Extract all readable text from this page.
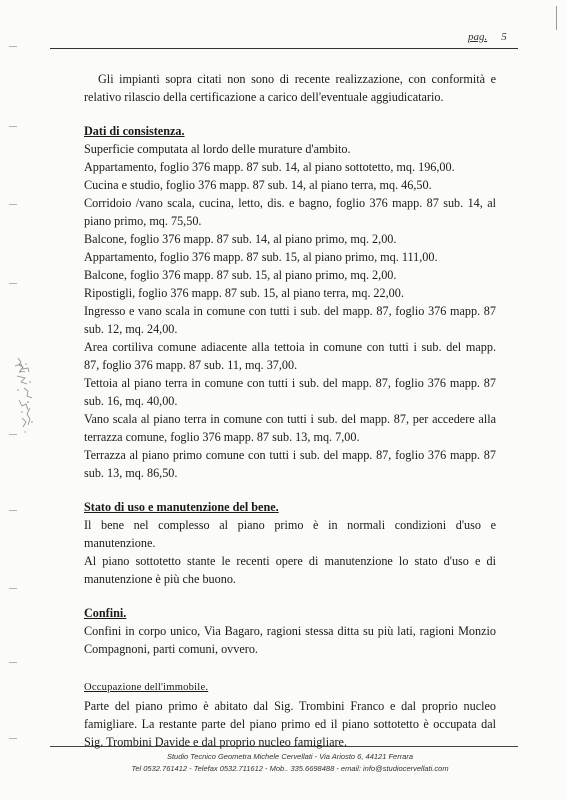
pag. 5

Gli impianti sopra citati non sono di recente realizzazione, con conformità e

relativo rilascio della certificazione a carico dell'eventuale aggiudicatario.

Dati di consistenza.

Superficie computata al lordo delle murature d'ambito.

Appartamento, foglio 376 mapp. 87 sub. 14, al piano sottotetto, mq. 196,00.

Cucina e studio, foglio 376 mapp. 87 sub. 14, al piano terra, mq. 46,50.

Corridoio /vano scala, cucina, letto, dis. e bagno, foglio 376 mapp. 87 sub. 14, al

piano primo, mq. 75,50.

Balcone, foglio 376 mapp. 87 sub. 14, al piano primo, mq. 2,00.

Appartamento, foglio 376 mapp. 87 sub. 15, al piano primo, mq. 111,00.

Balcone, foglio 376 mapp. 87 sub. 15, al piano primo, mq. 2,00.

Ripostigli, foglio 376 mapp. 87 sub. 15, al piano terra, mq. 22,00.

Ingresso e vano scala in comune con tutti i sub. del mapp. 87, foglio 376 mapp. 87

sub. 12, mq. 24,00.

Area cortiliva comune adiacente alla tettoia in comune con tutti i sub. del mapp.

87, foglio 376 mapp. 87 sub. 11, mq. 37,00.

Tettoia al piano terra in comune con tutti i sub. del mapp. 87, foglio 376 mapp. 87

sub. 16, mq. 40,00.

Vano scala al piano terra in comune con tutti i sub. del mapp. 87, per accedere alla

terrazza comune, foglio 376 mapp. 87 sub. 13, mq. 7,00.

Terrazza al piano primo comune con tutti i sub. del mapp. 87, foglio 376 mapp. 87

sub. 13, mq. 86,50.

Stato di uso e manutenzione del bene.

Il bene nel complesso al piano primo è in normali condizioni d'uso e

manutenzione.

Al piano sottotetto stante le recenti opere di manutenzione lo stato d'uso e di

manutenzione è più che buono.

Confini.

Confini in corpo unico, Via Bagaro, ragioni stessa ditta su più lati, ragioni Monzio

Compagnoni, parti comuni, ovvero.

Occupazione dell'immobile.

Parte del piano primo è abitato dal Sig. Trombini Franco e dal proprio nucleo

famigliare. La restante parte del piano primo ed il piano sottotetto è occupata dal

Sig. Trombini Davide e dal proprio nucleo famigliare.

Studio Tecnico Geometra Michele Cervellati - Via Ariosto 6, 44121 Ferrara
Tel 0532.761412 - Telefax 0532.711612 - Mob.. 335.6698488 - email: info@studiocervellati.com
